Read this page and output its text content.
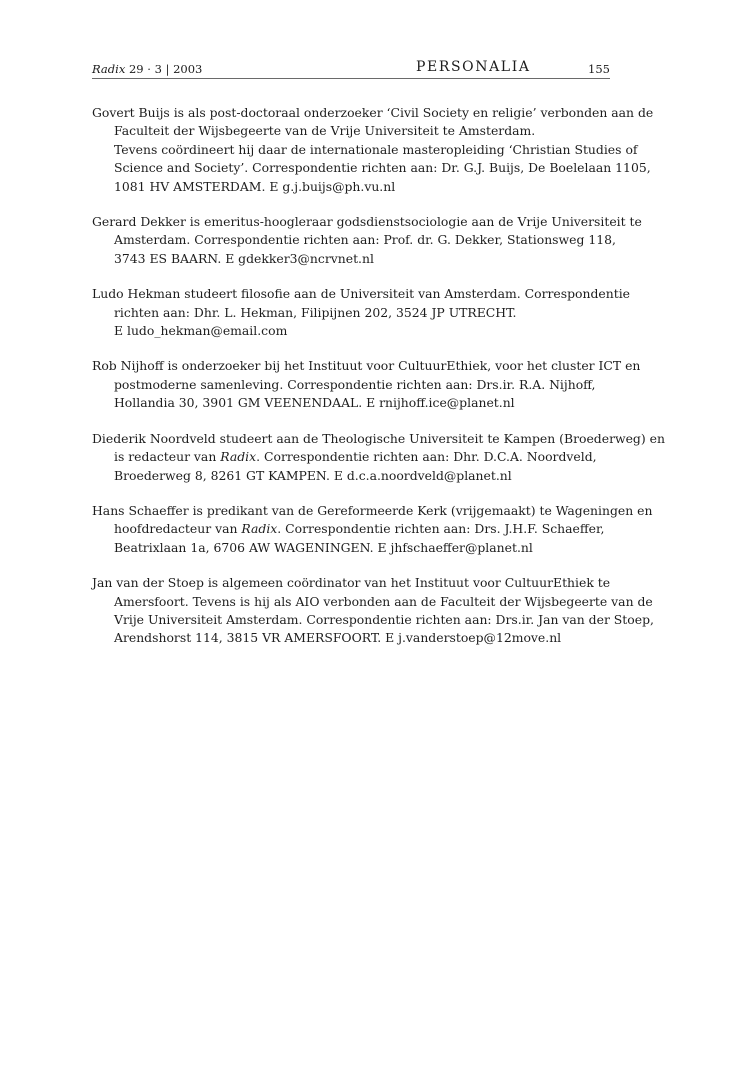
Radix 29 · 3 | 2003	PERSONALIA	155
Govert Buijs is als post-doctoraal onderzoeker ‘Civil Society en religie’ verbonden aan de
Faculteit der Wijsbegeerte van de Vrije Universiteit te Amsterdam.
Tevens coördineert hij daar de internationale masteropleiding ‘Christian Studies of
Science and Society’. Correspondentie richten aan: Dr. G.J. Buijs, De Boelelaan 1105,
1081 HV AMSTERDAM. E g.j.buijs@ph.vu.nl
Gerard Dekker is emeritus-hoogleraar godsdienstsociologie aan de Vrije Universiteit te
Amsterdam. Correspondentie richten aan: Prof. dr. G. Dekker, Stationsweg 118,
3743 ES BAARN. E gdekker3@ncrvnet.nl
Ludo Hekman studeert filosofie aan de Universiteit van Amsterdam. Correspondentie
richten aan: Dhr. L. Hekman, Filipijnen 202, 3524 JP UTRECHT.
E ludo_hekman@email.com
Rob Nijhoff is onderzoeker bij het Instituut voor CultuurEthiek, voor het cluster ICT en
postmoderne samenleving. Correspondentie richten aan: Drs.ir. R.A. Nijhoff,
Hollandia 30, 3901 GM VEENENDAAL. E rnijhoff.ice@planet.nl
Diederik Noordveld studeert aan de Theologische Universiteit te Kampen (Broederweg) en
is redacteur van Radix. Correspondentie richten aan: Dhr. D.C.A. Noordveld,
Broederweg 8, 8261 GT KAMPEN. E d.c.a.noordveld@planet.nl
Hans Schaeffer is predikant van de Gereformeerde Kerk (vrijgemaakt) te Wageningen en
hoofdredacteur van Radix. Correspondentie richten aan: Drs. J.H.F. Schaeffer,
Beatrixlaan 1a, 6706 AW WAGENINGEN. E jhfschaeffer@planet.nl
Jan van der Stoep is algemeen coördinator van het Instituut voor CultuurEthiek te
Amersfoort. Tevens is hij als AIO verbonden aan de Faculteit der Wijsbegeerte van de
Vrije Universiteit Amsterdam. Correspondentie richten aan: Drs.ir. Jan van der Stoep,
Arendshorst 114, 3815 VR AMERSFOORT. E j.vanderstoep@12move.nl
